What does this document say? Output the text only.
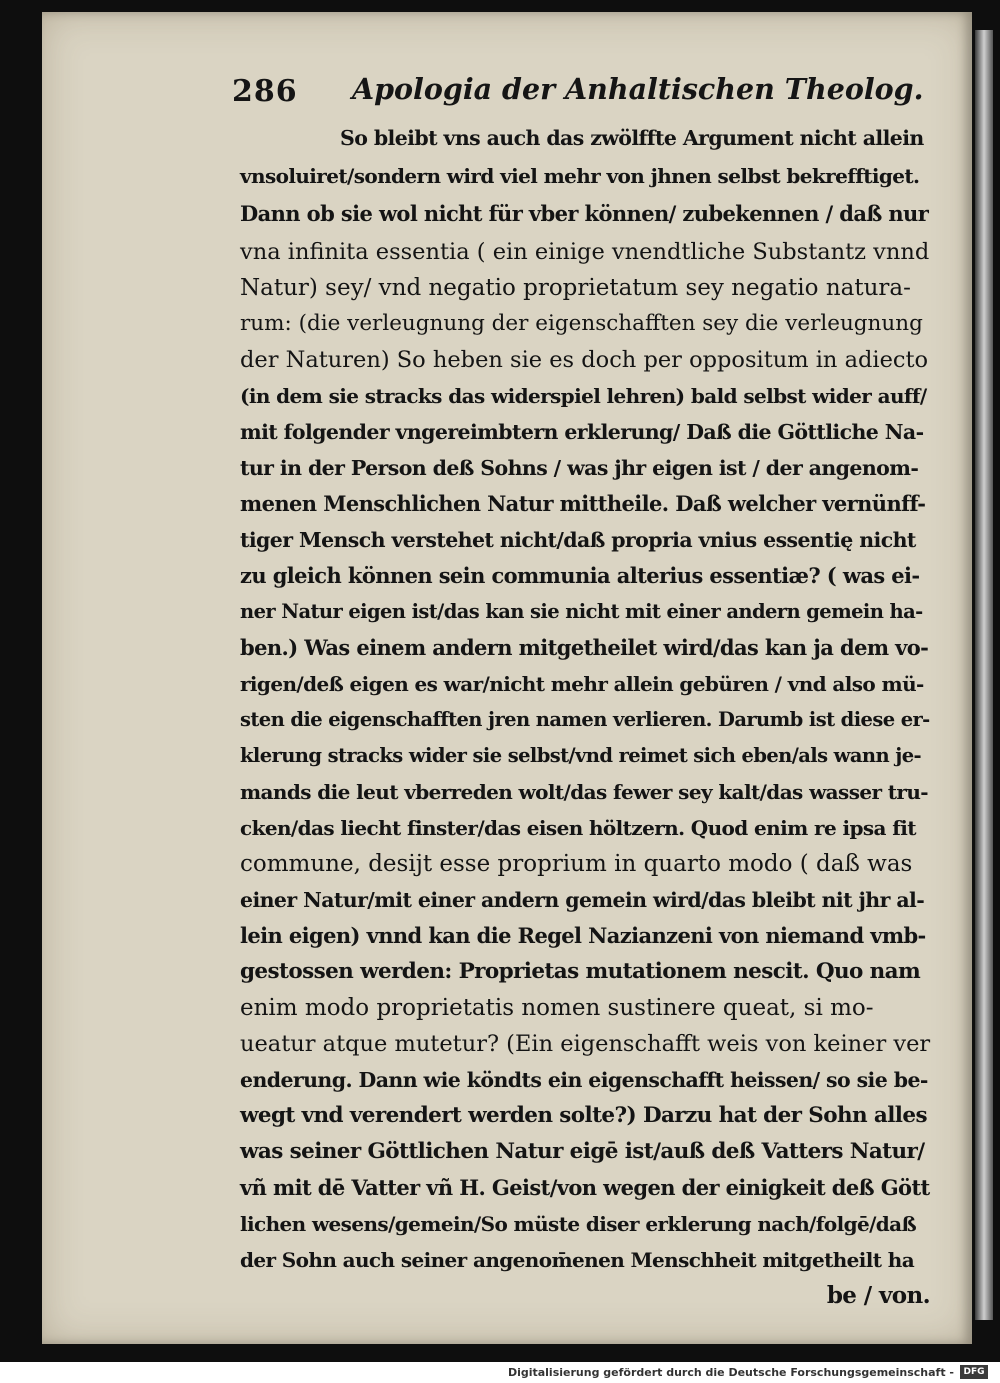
286 Apologia der Anhaltischen Theolog.
So bleibt vns auch das zwölffte Argument nicht allein
vnsoluiret/sondern wird viel mehr von jhnen selbst bekrefftiget.
Dann ob sie wol nicht für vber können/ zubekennen / daß nur
vna infinita essentia ( ein einige vnendtliche Substantz vnnd
Natur) sey/ vnd negatio proprietatum sey negatio natura-
rum: (die verleugnung der eigenschafften sey die verleugnung
der Naturen) So heben sie es doch per oppositum in adiecto
(in dem sie stracks das widerspiel lehren) bald selbst wider auff/
mit folgender vngereimbtern erklerung/ Daß die Göttliche Na-
tur in der Person deß Sohns / was jhr eigen ist / der angenom-
menen Menschlichen Natur mittheile. Daß welcher vernünff-
tiger Mensch verstehet nicht/daß propria vnius essentię nicht
zu gleich können sein communia alterius essentiæ? ( was ei-
ner Natur eigen ist/das kan sie nicht mit einer andern gemein ha-
ben.) Was einem andern mitgetheilet wird/das kan ja dem vo-
rigen/deß eigen es war/nicht mehr allein gebüren / vnd also mü-
sten die eigenschafften jren namen verlieren. Darumb ist diese er-
klerung stracks wider sie selbst/vnd reimet sich eben/als wann je-
mands die leut vberreden wolt/das fewer sey kalt/das wasser tru-
cken/das liecht finster/das eisen höltzern. Quod enim re ipsa fit
commune, desijt esse proprium in quarto modo ( daß was
einer Natur/mit einer andern gemein wird/das bleibt nit jhr al-
lein eigen) vnnd kan die Regel Nazianzeni von niemand vmb-
gestossen werden: Proprietas mutationem nescit. Quo nam
enim modo proprietatis nomen sustinere queat, si mo-
ueatur atque mutetur? (Ein eigenschafft weis von keiner ver
enderung. Dann wie köndts ein eigenschafft heissen/ so sie be-
wegt vnd verendert werden solte?) Darzu hat der Sohn alles
was seiner Göttlichen Natur eigē ist/auß deß Vatters Natur/
vñ mit dē Vatter vñ H. Geist/von wegen der einigkeit deß Gött
lichen wesens/gemein/So müste diser erklerung nach/folgē/daß
der Sohn auch seiner angenom̄enen Menschheit mitgetheilt ha
be / von.
Digitalisierung gefördert durch die Deutsche Forschungsgemeinschaft -	DFG
